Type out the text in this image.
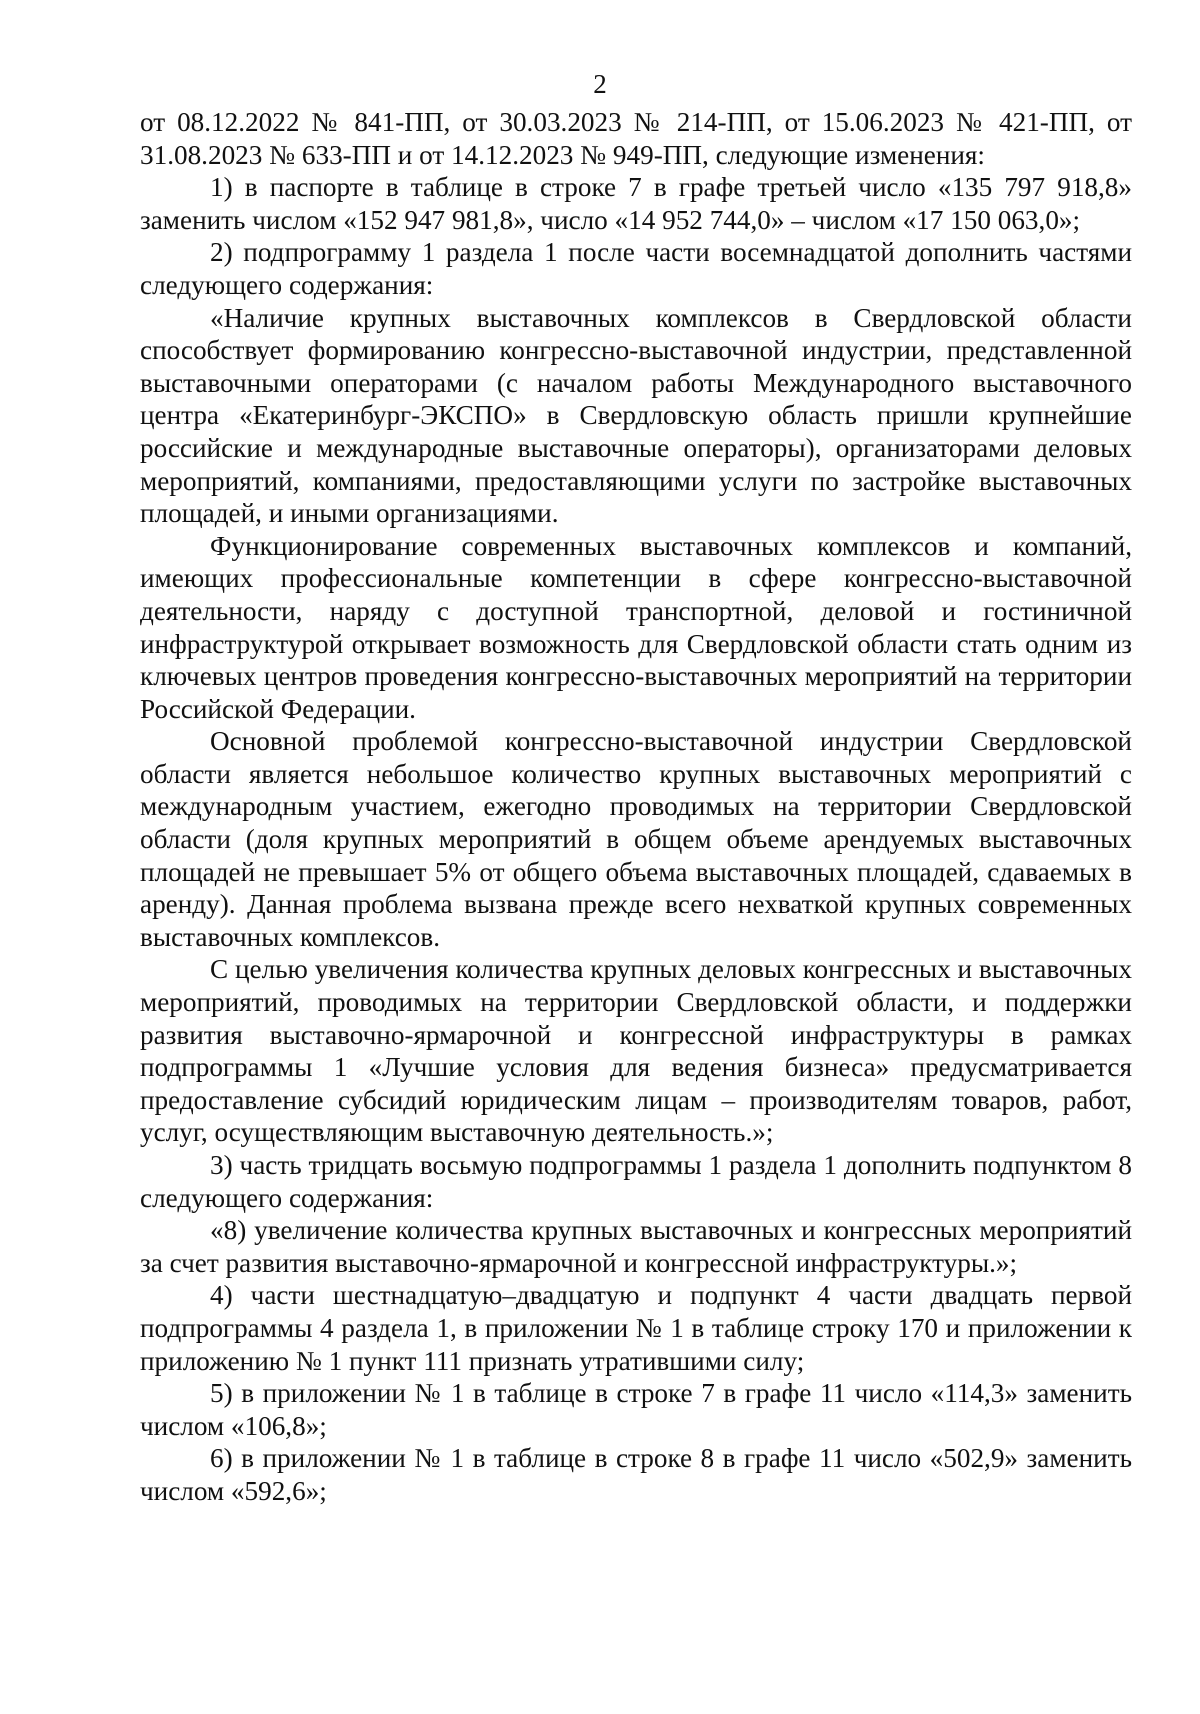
2

от 08.12.2022 № 841-ПП, от 30.03.2023 № 214-ПП, от 15.06.2023 № 421-ПП, от 31.08.2023 № 633-ПП и от 14.12.2023 № 949-ПП, следующие изменения:

1) в паспорте в таблице в строке 7 в графе третьей число «135 797 918,8» заменить числом «152 947 981,8», число «14 952 744,0» – числом «17 150 063,0»;

2) подпрограмму 1 раздела 1 после части восемнадцатой дополнить частями следующего содержания:

«Наличие крупных выставочных комплексов в Свердловской области способствует формированию конгрессно-выставочной индустрии, представленной выставочными операторами (с началом работы Международного выставочного центра «Екатеринбург-ЭКСПО» в Свердловскую область пришли крупнейшие российские и международные выставочные операторы), организаторами деловых мероприятий, компаниями, предоставляющими услуги по застройке выставочных площадей, и иными организациями.

Функционирование современных выставочных комплексов и компаний, имеющих профессиональные компетенции в сфере конгрессно-выставочной деятельности, наряду с доступной транспортной, деловой и гостиничной инфраструктурой открывает возможность для Свердловской области стать одним из ключевых центров проведения конгрессно-выставочных мероприятий на территории Российской Федерации.

Основной проблемой конгрессно-выставочной индустрии Свердловской области является небольшое количество крупных выставочных мероприятий с международным участием, ежегодно проводимых на территории Свердловской области (доля крупных мероприятий в общем объеме арендуемых выставочных площадей не превышает 5% от общего объема выставочных площадей, сдаваемых в аренду). Данная проблема вызвана прежде всего нехваткой крупных современных выставочных комплексов.

С целью увеличения количества крупных деловых конгрессных и выставочных мероприятий, проводимых на территории Свердловской области, и поддержки развития выставочно-ярмарочной и конгрессной инфраструктуры в рамках подпрограммы 1 «Лучшие условия для ведения бизнеса» предусматривается предоставление субсидий юридическим лицам – производителям товаров, работ, услуг, осуществляющим выставочную деятельность.»;

3) часть тридцать восьмую подпрограммы 1 раздела 1 дополнить подпунктом 8 следующего содержания:

«8) увеличение количества крупных выставочных и конгрессных мероприятий за счет развития выставочно-ярмарочной и конгрессной инфраструктуры.»;

4) части шестнадцатую–двадцатую и подпункт 4 части двадцать первой подпрограммы 4 раздела 1, в приложении № 1 в таблице строку 170 и приложении к приложению № 1 пункт 111 признать утратившими силу;

5) в приложении № 1 в таблице в строке 7 в графе 11 число «114,3» заменить числом «106,8»;

6) в приложении № 1 в таблице в строке 8 в графе 11 число «502,9» заменить числом «592,6»;
